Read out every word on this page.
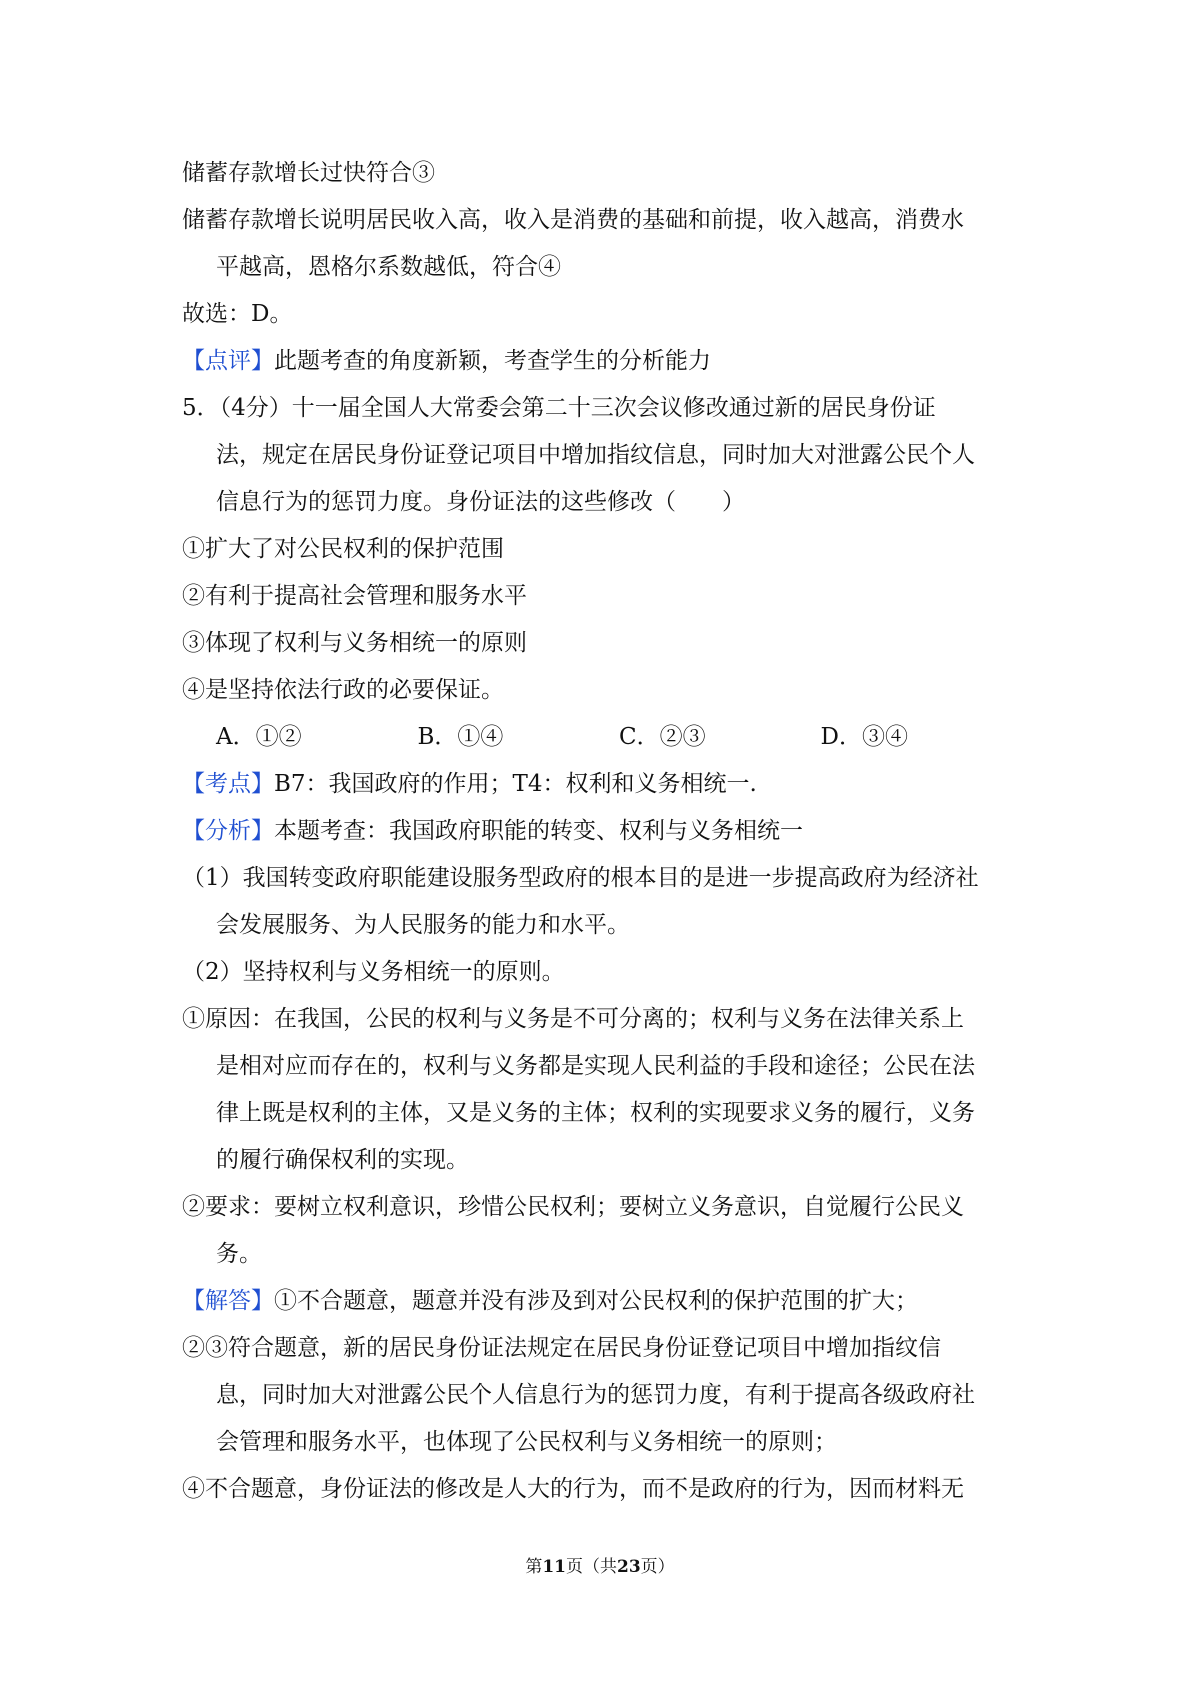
储蓄存款增长过快符合③
储蓄存款增长说明居民收入高，收入是消费的基础和前提，收入越高，消费水
平越高，恩格尔系数越低，符合④
故选：D。
【点评】此题考查的角度新颖，考查学生的分析能力
5．（4分）十一届全国人大常委会第二十三次会议修改通过新的居民身份证
法，规定在居民身份证登记项目中增加指纹信息，同时加大对泄露公民个人
信息行为的惩罚力度。身份证法的这些修改（　　）
①扩大了对公民权利的保护范围
②有利于提高社会管理和服务水平
③体现了权利与义务相统一的原则
④是坚持依法行政的必要保证。
A．①②	B．①④	C．②③	D．③④
【考点】B7：我国政府的作用；T4：权利和义务相统一.
【分析】本题考查：我国政府职能的转变、权利与义务相统一
（1）我国转变政府职能建设服务型政府的根本目的是进一步提高政府为经济社
会发展服务、为人民服务的能力和水平。
（2）坚持权利与义务相统一的原则。
①原因：在我国，公民的权利与义务是不可分离的；权利与义务在法律关系上
是相对应而存在的，权利与义务都是实现人民利益的手段和途径；公民在法
律上既是权利的主体，又是义务的主体；权利的实现要求义务的履行，义务
的履行确保权利的实现。
②要求：要树立权利意识，珍惜公民权利；要树立义务意识，自觉履行公民义
务。
【解答】①不合题意，题意并没有涉及到对公民权利的保护范围的扩大；
②③符合题意，新的居民身份证法规定在居民身份证登记项目中增加指纹信
息，同时加大对泄露公民个人信息行为的惩罚力度，有利于提高各级政府社
会管理和服务水平，也体现了公民权利与义务相统一的原则；
④不合题意，身份证法的修改是人大的行为，而不是政府的行为，因而材料无
第11页（共23页）
